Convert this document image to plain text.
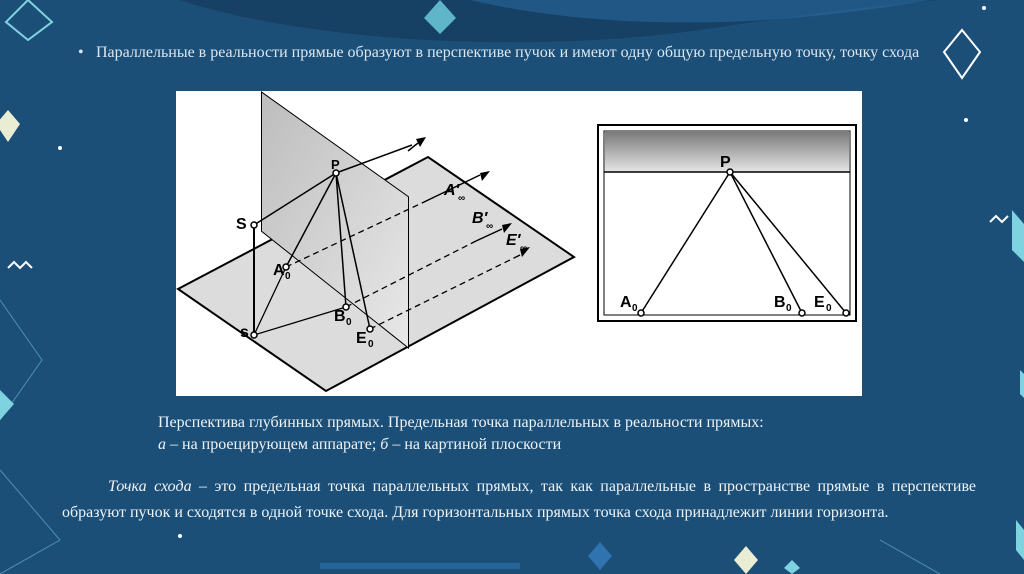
• Параллельные в реальности прямые образуют в перспективе пучок и имеют одну общую предельную точку, точку схода
S
s
P
A 0
B 0
E 0
A′
∞
B′
∞
E′ ∞
P
A 0	B 0 E 0
Перспектива глубинных прямых. Предельная точка параллельных в реальности прямых:
а – на проецирующем аппарате; б – на картиной плоскости
Точка схода – это предельная точка параллельных прямых, так как параллельные в пространстве прямые в перспективе образуют пучок и сходятся в одной точке схода. Для горизонтальных прямых точка схода принадлежит линии горизонта.
